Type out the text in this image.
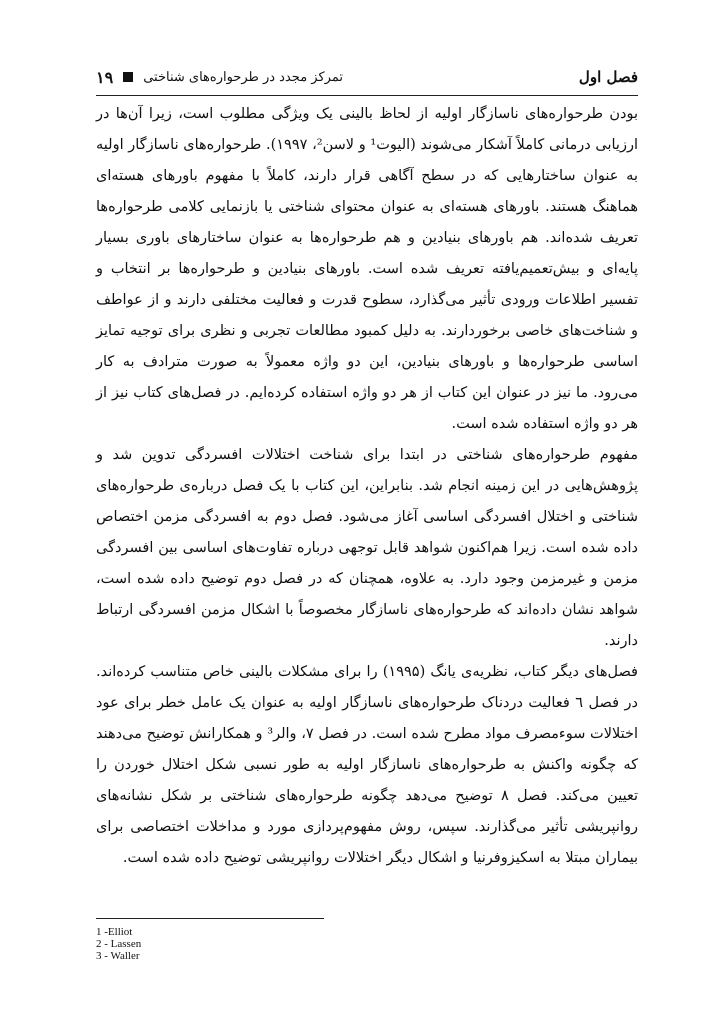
فصل اول
تمرکز مجدد در طرحواره‌های شناختی
۱۹

بودن طرحواره‌های ناسازگار اولیه از لحاظ بالینی یک ویژگی مطلوب است، زیرا آن‌ها در ارزیابی درمانی کاملاً آشکار می‌شوند (الیوت¹ و لاسن²، ۱۹۹۷). طرحواره‌های ناسازگار اولیه به عنوان ساختارهایی که در سطح آگاهی قرار دارند، کاملاً با مفهوم باورهای هسته‌ای هماهنگ هستند. باورهای هسته‌ای به عنوان محتوای شناختی یا بازنمایی کلامی طرحواره‌ها تعریف شده‌اند. هم باورهای بنیادین و هم طرحواره‌ها به عنوان ساختارهای باوری بسیار پایه‌ای و بیش‌تعمیم‌یافته تعریف شده است. باورهای بنیادین و طرحواره‌ها بر انتخاب و تفسیر اطلاعات ورودی تأثیر می‌گذارد، سطوح قدرت و فعالیت مختلفی دارند و از عواطف و شناخت‌های خاصی برخوردارند. به دلیل کمبود مطالعات تجربی و نظری برای توجیه تمایز اساسی طرحواره‌ها و باورهای بنیادین، این دو واژه معمولاً به صورت مترادف به کار می‌رود. ما نیز در عنوان این کتاب از هر دو واژه استفاده کرده‌ایم. در فصل‌های کتاب نیز از هر دو واژه استفاده شده است.

مفهوم طرحواره‌های شناختی در ابتدا برای شناخت اختلالات افسردگی تدوین شد و پژوهش‌هایی در این زمینه انجام شد. بنابراین، این کتاب با یک فصل درباره‌ی طرحواره‌های شناختی و اختلال افسردگی اساسی آغاز می‌شود. فصل دوم به افسردگی مزمن اختصاص داده شده است. زیرا هم‌اکنون شواهد قابل توجهی درباره تفاوت‌های اساسی بین افسردگی مزمن و غیرمزمن وجود دارد. به علاوه، همچنان که در فصل دوم توضیح داده شده است، شواهد نشان داده‌اند که طرحواره‌های ناسازگار مخصوصاً با اشکال مزمن افسردگی ارتباط دارند.

فصل‌های دیگر کتاب، نظریه‌ی یانگ (۱۹۹۵) را برای مشکلات بالینی خاص متناسب کرده‌اند. در فصل ٦ فعالیت دردناک طرحواره‌های ناسازگار اولیه به عنوان یک عامل خطر برای عود اختلالات سوءمصرف مواد مطرح شده است. در فصل ۷، والر³ و همکارانش توضیح می‌دهند که چگونه واکنش به طرحواره‌های ناسازگار اولیه به طور نسبی شکل اختلال خوردن را تعیین می‌کند. فصل ۸ توضیح می‌دهد چگونه طرحواره‌های شناختی بر شکل نشانه‌های روانپریشی تأثیر می‌گذارند. سپس، روش مفهوم‌پردازی مورد و مداخلات اختصاصی برای بیماران مبتلا به اسکیزوفرنیا و اشکال دیگر اختلالات روانپریشی توضیح داده شده است.

1 -Elliot
2 - Lassen
3 - Waller
